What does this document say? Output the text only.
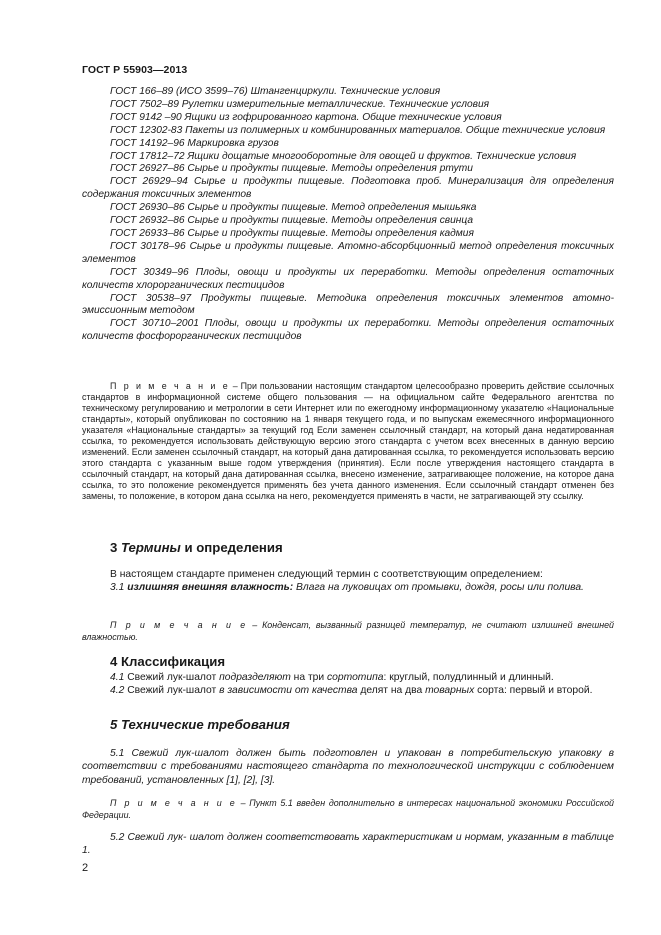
ГОСТ Р 55903—2013

ГОСТ 166–89 (ИСО 3599–76) Штангенциркули. Технические условия

ГОСТ 7502–89 Рулетки измерительные металлические. Технические условия

ГОСТ 9142 –90 Ящики из гофрированного картона. Общие технические условия

ГОСТ 12302-83 Пакеты из полимерных и комбинированных материалов. Общие технические условия

ГОСТ 14192–96 Маркировка грузов

ГОСТ 17812–72 Ящики дощатые многооборотные для овощей и фруктов. Технические условия

ГОСТ 26927–86 Сырье и продукты пищевые. Методы определения ртути

ГОСТ 26929–94 Сырье и продукты пищевые. Подготовка проб. Минерализация для определения содержания токсичных элементов

ГОСТ 26930–86 Сырье и продукты пищевые. Метод определения мышьяка

ГОСТ 26932–86 Сырье и продукты пищевые. Методы определения свинца

ГОСТ 26933–86 Сырье и продукты пищевые. Методы определения кадмия

ГОСТ 30178–96 Сырье и продукты пищевые. Атомно-абсорбционный метод определения токсичных элементов

ГОСТ 30349–96 Плоды, овощи и продукты их переработки. Методы определения остаточных количеств хлорорганических пестицидов

ГОСТ 30538–97 Продукты пищевые. Методика определения токсичных элементов атомно-эмиссионным методом

ГОСТ 30710–2001 Плоды, овощи и продукты их переработки. Методы определения остаточных количеств фосфорорганических пестицидов

П р и м е ч а н и е – При пользовании настоящим стандартом целесообразно проверить действие ссылочных стандартов в информационной системе общего пользования — на официальном сайте Федерального агентства по техническому регулированию и метрологии в сети Интернет или по ежегодному информационному указателю «Национальные стандарты», который опубликован по состоянию на 1 января текущего года, и по выпускам ежемесячного информационного указателя «Национальные стандарты» за текущий год Если заменен ссылочный стандарт, на который дана недатированная ссылка, то рекомендуется использовать действующую версию этого стандарта с учетом всех внесенных в данную версию изменений. Если заменен ссылочный стандарт, на который дана датированная ссылка, то рекомендуется использовать версию этого стандарта с указанным выше годом утверждения (принятия). Если после утверждения настоящего стандарта в ссылочный стандарт, на который дана датированная ссылка, внесено изменение, затрагивающее положение, на которое дана ссылка, то это положение рекомендуется применять без учета данного изменения. Если ссылочный стандарт отменен без замены, то положение, в котором дана ссылка на него, рекомендуется применять в части, не затрагивающей эту ссылку.

3 Термины и определения

В настоящем стандарте применен следующий термин с соответствующим определением:

3.1 излишняя внешняя влажность: Влага на луковицах от промывки, дождя, росы или полива.

П р и м е ч а н и е – Конденсат, вызванный разницей температур, не считают излишней внешней влажностью.

4 Классификация

4.1 Свежий лук-шалот подразделяют на три сортотипа: круглый, полудлинный и длинный.

4.2 Свежий лук-шалот в зависимости от качества делят на два товарных сорта: первый и второй.

5 Технические требования

5.1 Свежий лук-шалот должен быть подготовлен и упакован в потребительскую упаковку в соответствии с требованиями настоящего стандарта по технологической инструкции с соблюдением требований, установленных [1], [2], [3].

П р и м е ч а н и е – Пункт 5.1 введен дополнительно в интересах национальной экономики Российской Федерации.

5.2 Свежий лук- шалот должен соответствовать характеристикам и нормам, указанным в таблице 1.

2
